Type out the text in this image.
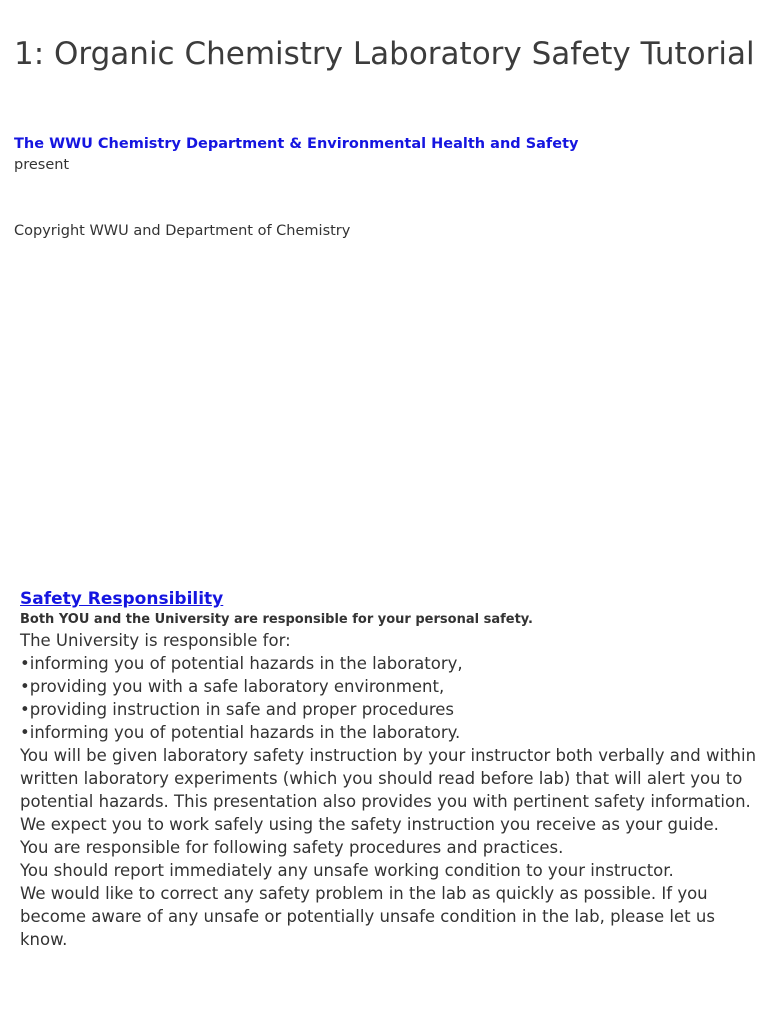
1: Organic Chemistry Laboratory Safety Tutorial
The WWU Chemistry Department & Environmental Health and Safety
present
Copyright WWU and Department of Chemistry
Safety Responsibility
Both YOU and the University are responsible for your personal safety.

The University is responsible for:

•informing you of potential hazards in the laboratory,

•providing you with a safe laboratory environment,

•providing instruction in safe and proper procedures

•informing you of potential hazards in the laboratory.

You will be given laboratory safety instruction by your instructor both verbally and within written laboratory experiments (which you should read before lab) that will alert you to potential hazards. This presentation also provides you with pertinent safety information.

We expect you to work safely using the safety instruction you receive as your guide.

You are responsible for following safety procedures and practices.

You should report immediately any unsafe working condition to your instructor.

We would like to correct any safety problem in the lab as quickly as possible. If you become aware of any unsafe or potentially unsafe condition in the lab, please let us know.
